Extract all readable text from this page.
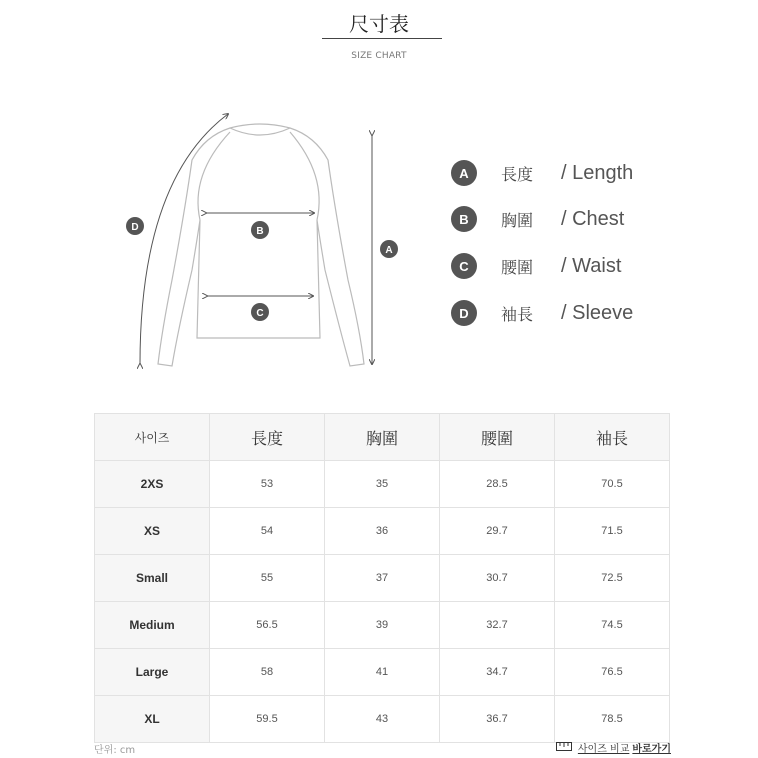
尺寸表
SIZE CHART
D	B
C
A
A	長度 / Length
B	胸圍 / Chest
C	腰圍 / Waist
D	袖長 / Sleeve
사이즈	長度	胸圍	腰圍	袖長
2XS	53	35	28.5	70.5
XS	54	36	29.7	71.5
Small	55	37	30.7	72.5
Medium	56.5	39	32.7	74.5
Large	58	41	34.7	76.5
XL	59.5	43	36.7	78.5
단위: cm	사이즈 비교 바로가기
